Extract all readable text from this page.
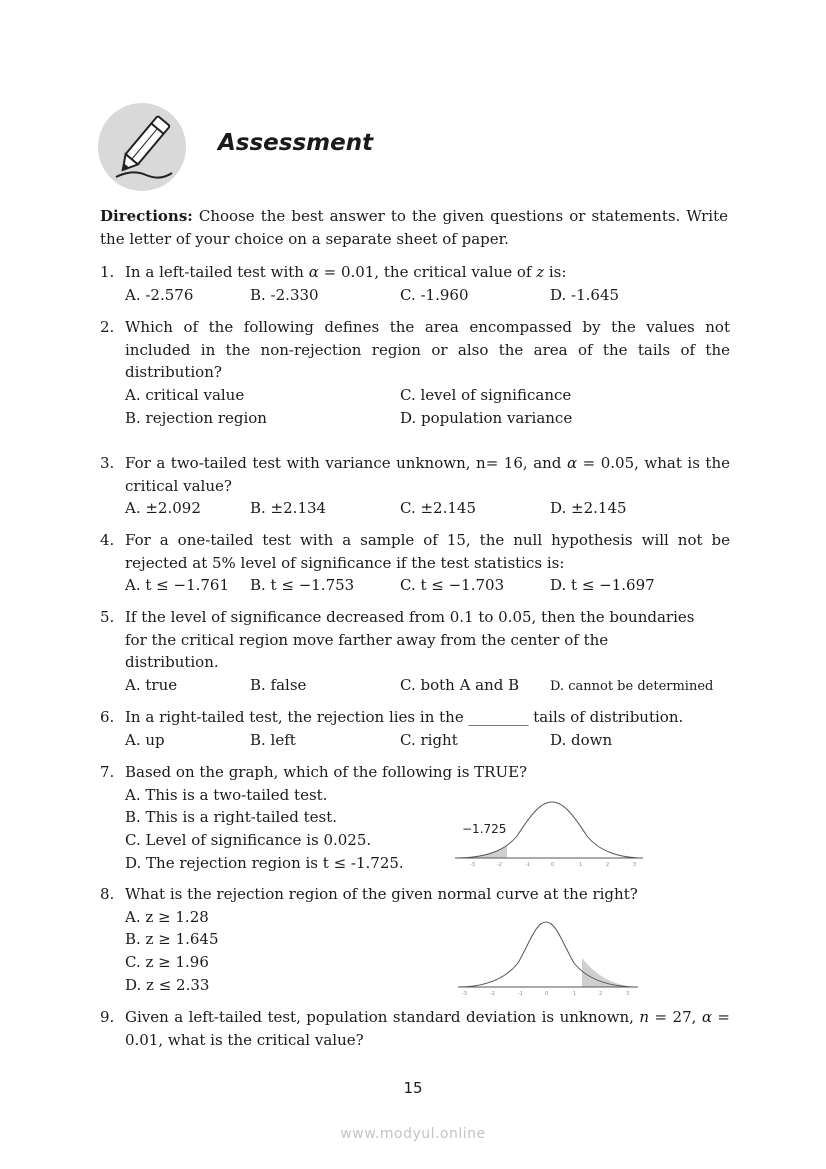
Assessment
Directions: Choose the best answer to the given questions or statements. Write the letter of your choice on a separate sheet of paper.
1. In a left-tailed test with α = 0.01, the critical value of z is:
A. -2.576	B. -2.330	C. -1.960	D. -1.645
2. Which of the following defines the area encompassed by the values not included in the non-rejection region or also the area of the tails of the distribution?
A. critical value	C. level of significance
B. rejection region	D. population variance
3. For a two-tailed test with variance unknown, n= 16, and α = 0.05, what is the critical value?
A. ±2.092	B. ±2.134	C. ±2.145	D. ±2.145
4. For a one-tailed test with a sample of 15, the null hypothesis will not be rejected at 5% level of significance if the test statistics is:
A. t ≤ −1.761 B. t ≤ −1.753	C. t ≤ −1.703	D. t ≤ −1.697
5. If the level of significance decreased from 0.1 to 0.05, then the boundaries for the critical region move farther away from the center of the distribution.
A. true	B. false	C. both A and B D. cannot be determined
6. In a right-tailed test, the rejection lies in the ________ tails of distribution.
A. up	B. left	C. right	D. down
7. Based on the graph, which of the following is TRUE?
A. This is a two-tailed test.
B. This is a right-tailed test.
C. Level of significance is 0.025.
D. The rejection region is t ≤ -1.725.
−1.725
-3	-2	-1	0	1	2	3
8. What is the rejection region of the given normal curve at the right?
A. z ≥ 1.28
B. z ≥ 1.645
C. z ≥ 1.96
D. z ≤ 2.33
-3	-2	-1	0	1	2	3
9. Given a left-tailed test, population standard deviation is unknown, n = 27, α = 0.01, what is the critical value?
15
www.modyul.online
